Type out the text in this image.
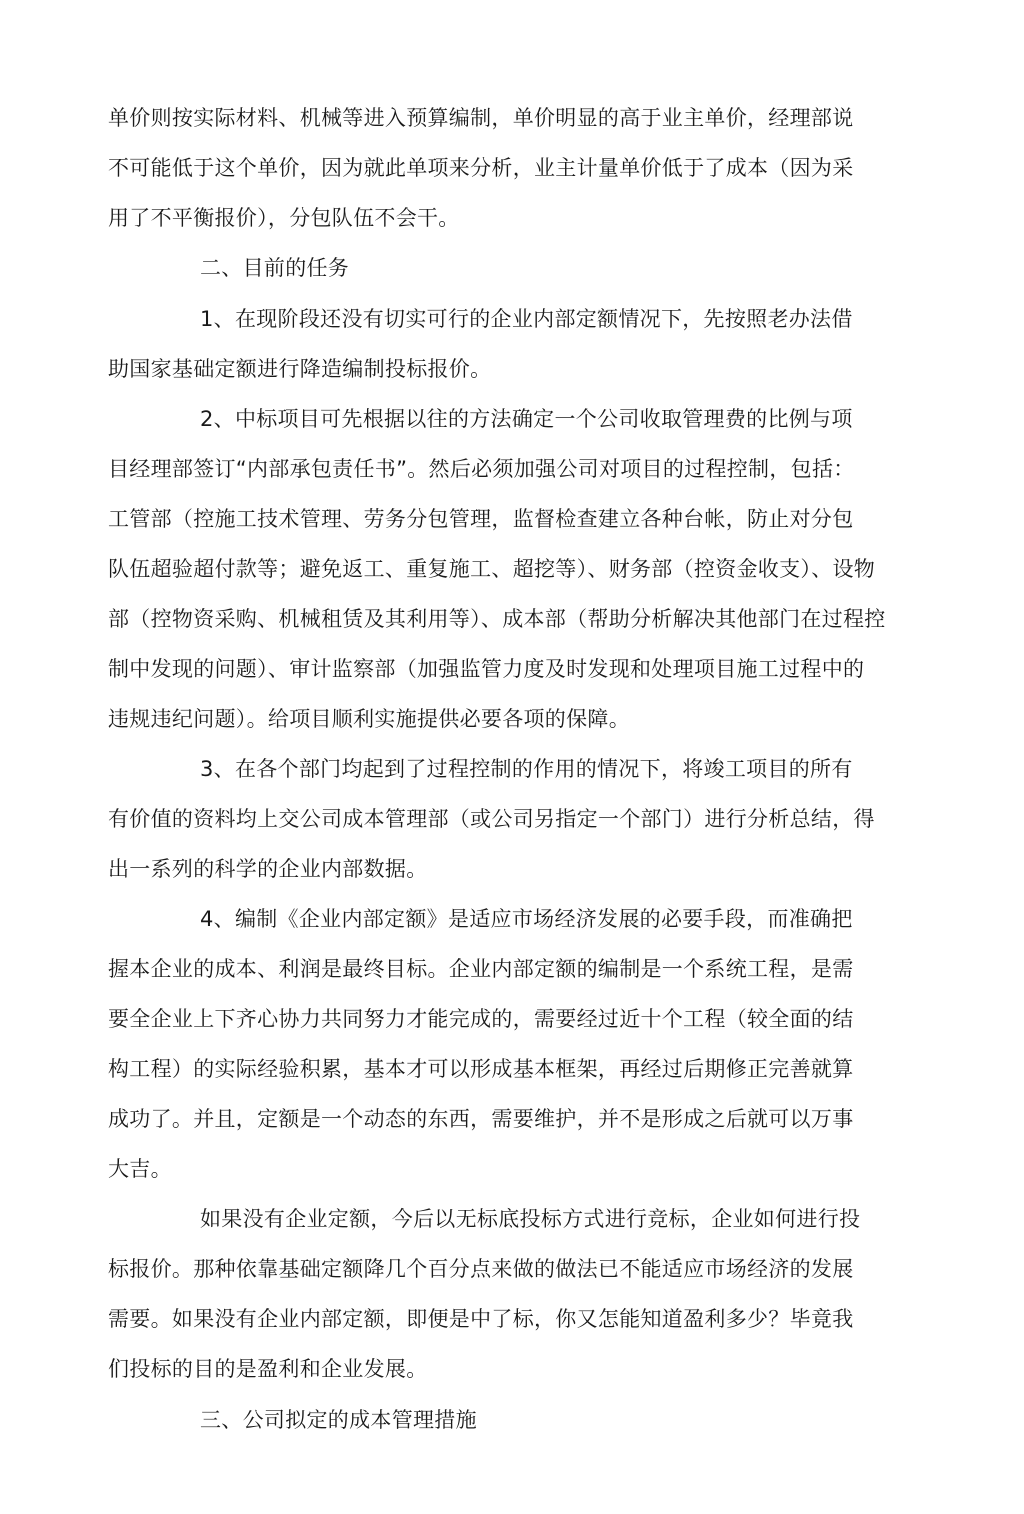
单价则按实际材料、机械等进入预算编制，单价明显的高于业主单价，经理部说
不可能低于这个单价，因为就此单项来分析，业主计量单价低于了成本（因为采
用了不平衡报价），分包队伍不会干。
二、目前的任务
1、在现阶段还没有切实可行的企业内部定额情况下，先按照老办法借
助国家基础定额进行降造编制投标报价。
2、中标项目可先根据以往的方法确定一个公司收取管理费的比例与项
目经理部签订“内部承包责任书”。然后必须加强公司对项目的过程控制，包括：
工管部（控施工技术管理、劳务分包管理，监督检查建立各种台帐，防止对分包
队伍超验超付款等；避免返工、重复施工、超挖等）、财务部（控资金收支）、设物
部（控物资采购、机械租赁及其利用等）、成本部（帮助分析解决其他部门在过程控
制中发现的问题）、审计监察部（加强监管力度及时发现和处理项目施工过程中的
违规违纪问题）。给项目顺利实施提供必要各项的保障。
3、在各个部门均起到了过程控制的作用的情况下，将竣工项目的所有
有价值的资料均上交公司成本管理部（或公司另指定一个部门）进行分析总结，得
出一系列的科学的企业内部数据。
4、编制《企业内部定额》是适应市场经济发展的必要手段，而准确把
握本企业的成本、利润是最终目标。企业内部定额的编制是一个系统工程，是需
要全企业上下齐心协力共同努力才能完成的，需要经过近十个工程（较全面的结
构工程）的实际经验积累，基本才可以形成基本框架，再经过后期修正完善就算
成功了。并且，定额是一个动态的东西，需要维护，并不是形成之后就可以万事
大吉。
如果没有企业定额，今后以无标底投标方式进行竞标，企业如何进行投
标报价。那种依靠基础定额降几个百分点来做的做法已不能适应市场经济的发展
需要。如果没有企业内部定额，即便是中了标，你又怎能知道盈利多少？毕竟我
们投标的目的是盈利和企业发展。
三、公司拟定的成本管理措施
